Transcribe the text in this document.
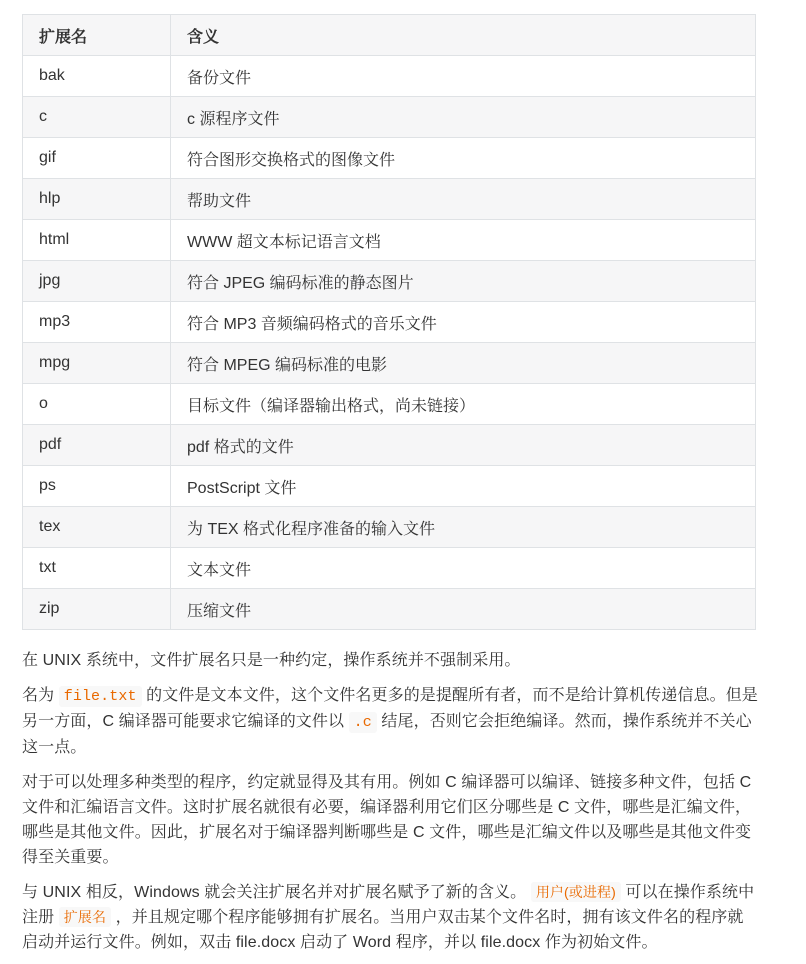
扩展名	含义
bak	备份文件
c	c 源程序文件
gif	符合图形交换格式的图像文件
hlp	帮助文件
html	WWW 超文本标记语言文档
jpg	符合 JPEG 编码标准的静态图片
mp3	符合 MP3 音频编码格式的音乐文件
mpg	符合 MPEG 编码标准的电影
o	目标文件（编译器输出格式，尚未链接）
pdf	pdf 格式的文件
ps	PostScript 文件
tex	为 TEX 格式化程序准备的输入文件
txt	文本文件
zip	压缩文件

在 UNIX 系统中，文件扩展名只是一种约定，操作系统并不强制采用。

名为 file.txt 的文件是文本文件，这个文件名更多的是提醒所有者，而不是给计算机传递信息。但是另一方面，C 编译器可能要求它编译的文件以 .c 结尾，否则它会拒绝编译。然而，操作系统并不关心这一点。

对于可以处理多种类型的程序，约定就显得及其有用。例如 C 编译器可以编译、链接多种文件，包括 C 文件和汇编语言文件。这时扩展名就很有必要，编译器利用它们区分哪些是 C 文件，哪些是汇编文件，哪些是其他文件。因此，扩展名对于编译器判断哪些是 C 文件，哪些是汇编文件以及哪些是其他文件变得至关重要。

与 UNIX 相反，Windows 就会关注扩展名并对扩展名赋予了新的含义。 用户(或进程) 可以在操作系统中注册 扩展名 ，并且规定哪个程序能够拥有扩展名。当用户双击某个文件名时，拥有该文件名的程序就启动并运行文件。例如，双击 file.docx 启动了 Word 程序，并以 file.docx 作为初始文件。
